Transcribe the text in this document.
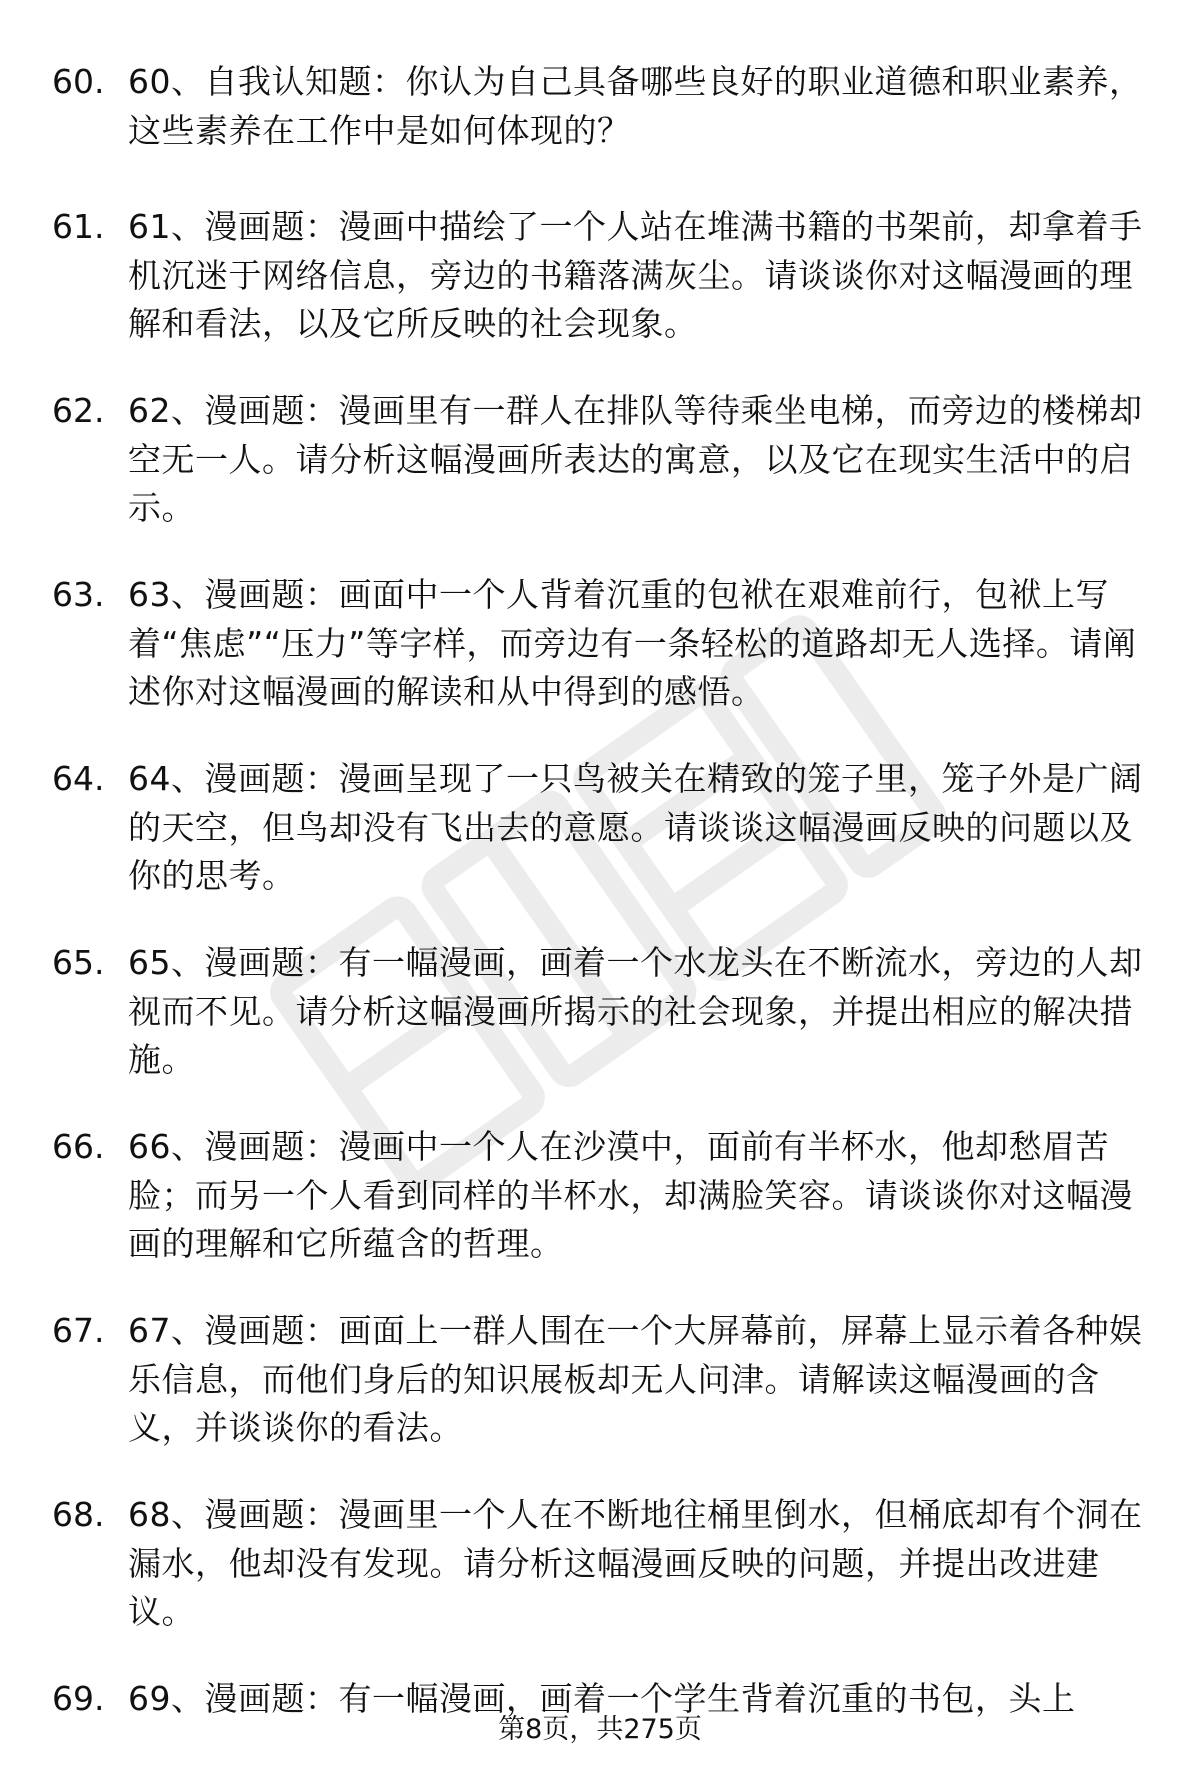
60. 60、自我认知题：你认为自己具备哪些良好的职业道德和职业素养，这些素养在工作中是如何体现的？
61. 61、漫画题：漫画中描绘了一个人站在堆满书籍的书架前，却拿着手机沉迷于网络信息，旁边的书籍落满灰尘。请谈谈你对这幅漫画的理解和看法，以及它所反映的社会现象。
62. 62、漫画题：漫画里有一群人在排队等待乘坐电梯，而旁边的楼梯却空无一人。请分析这幅漫画所表达的寓意，以及它在现实生活中的启示。
63. 63、漫画题：画面中一个人背着沉重的包袱在艰难前行，包袱上写着“焦虑”“压力”等字样，而旁边有一条轻松的道路却无人选择。请阐述你对这幅漫画的解读和从中得到的感悟。
64. 64、漫画题：漫画呈现了一只鸟被关在精致的笼子里，笼子外是广阔的天空，但鸟却没有飞出去的意愿。请谈谈这幅漫画反映的问题以及你的思考。
65. 65、漫画题：有一幅漫画，画着一个水龙头在不断流水，旁边的人却视而不见。请分析这幅漫画所揭示的社会现象，并提出相应的解决措施。
66. 66、漫画题：漫画中一个人在沙漠中，面前有半杯水，他却愁眉苦脸；而另一个人看到同样的半杯水，却满脸笑容。请谈谈你对这幅漫画的理解和它所蕴含的哲理。
67. 67、漫画题：画面上一群人围在一个大屏幕前，屏幕上显示着各种娱乐信息，而他们身后的知识展板却无人问津。请解读这幅漫画的含义，并谈谈你的看法。
68. 68、漫画题：漫画里一个人在不断地往桶里倒水，但桶底却有个洞在漏水，他却没有发现。请分析这幅漫画反映的问题，并提出改进建议。
69. 69、漫画题：有一幅漫画，画着一个学生背着沉重的书包，头上
第8页，共275页
